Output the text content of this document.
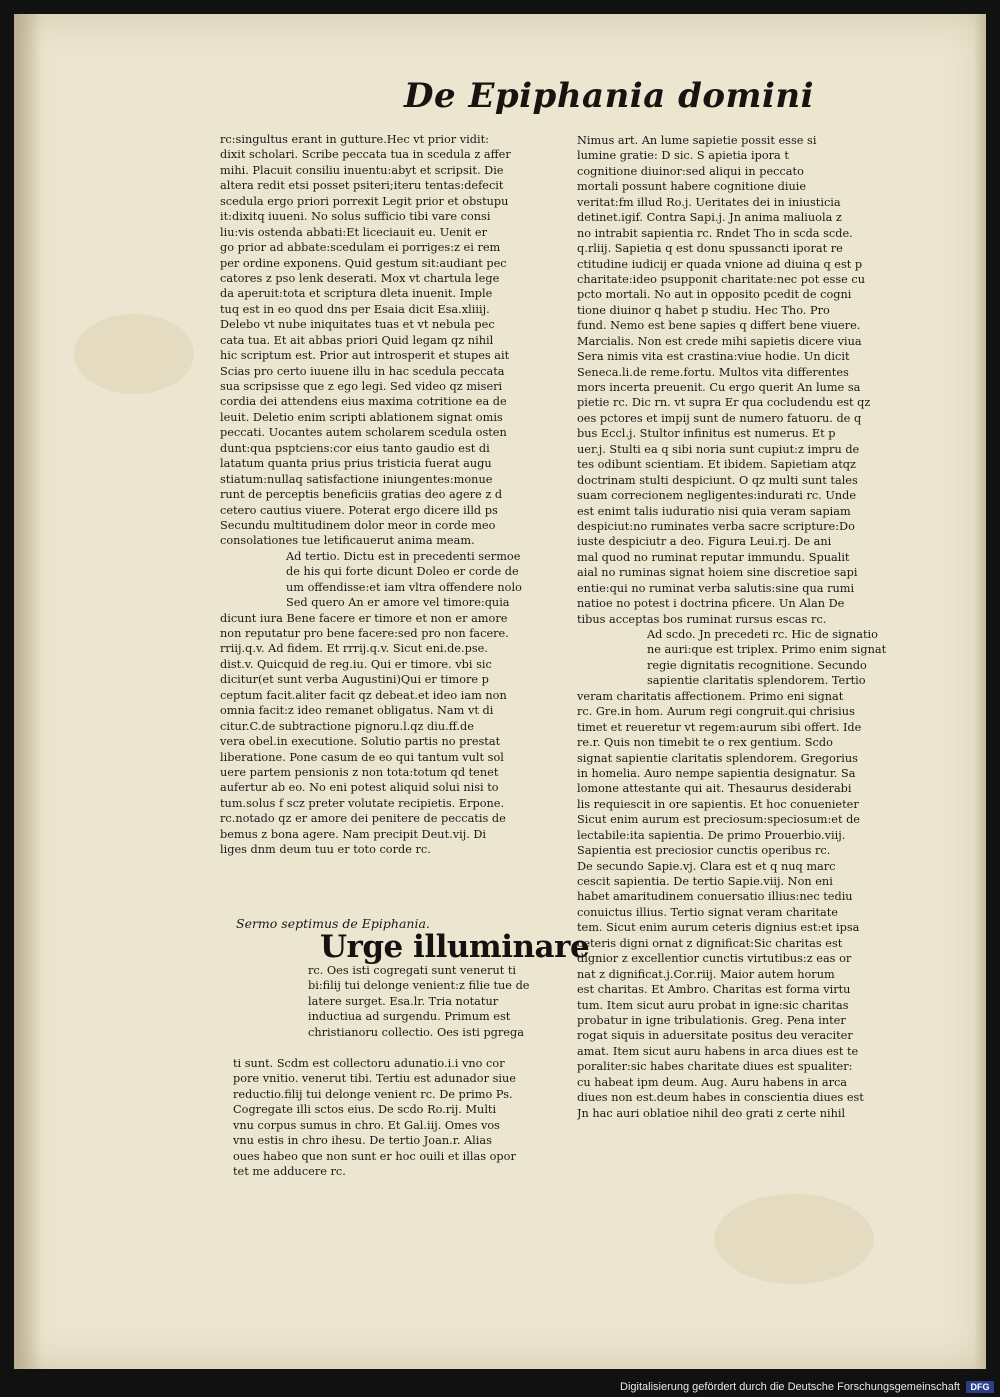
De Epiphania domini
rc:singultus erant in gutture.Hec vt prior vidit:
dixit scholari. Scribe peccata tua in scedula z affer
mihi. Placuit consiliu inuentu:abyt et scripsit. Die
altera redit etsi posset psiteri;iteru tentas:defecit
scedula ergo priori porrexit Legit prior et obstupu
it:dixitq iuueni. No solus sufficio tibi vare consi
liu:vis ostenda abbati:Et liceciauit eu. Uenit er
go prior ad abbate:scedulam ei porriges:z ei rem
per ordine exponens. Quid gestum sit:audiant pec
catores z pso lenk deserati. Mox vt chartula lege
da aperuit:tota et scriptura dleta inuenit. Imple
tuq est in eo quod dns per Esaia dicit Esa.xliiij.
Delebo vt nube iniquitates tuas et vt nebula pec
cata tua. Et ait abbas priori Quid legam qz nihil
hic scriptum est. Prior aut introsperit et stupes ait
Scias pro certo iuuene illu in hac scedula peccata
sua scripsisse que z ego legi. Sed video qz miseri
cordia dei attendens eius maxima cotritione ea de
leuit. Deletio enim scripti ablationem signat omis
peccati. Uocantes autem scholarem scedula osten
dunt:qua psptciens:cor eius tanto gaudio est di
latatum quanta prius prius tristicia fuerat augu
stiatum:nullaq satisfactione iniungentes:monue
runt de perceptis beneficiis gratias deo agere z d
cetero cautius viuere. Poterat ergo dicere illd ps
Secundu multitudinem dolor meor in corde meo
consolationes tue letificauerut anima meam.
Ad tertio. Dictu est in precedenti sermoe
de his qui forte dicunt Doleo er corde de
um offendisse:et iam vltra offendere nolo
Sed quero An er amore vel timore:quia
dicunt iura Bene facere er timore et non er amore
non reputatur pro bene facere:sed pro non facere.
rriij.q.v. Ad fidem. Et rrrij.q.v. Sicut eni.de.pse.
dist.v. Quicquid de reg.iu. Qui er timore. vbi sic
dicitur(et sunt verba Augustini)Qui er timore p
ceptum facit.aliter facit qz debeat.et ideo iam non
omnia facit:z ideo remanet obligatus. Nam vt di
citur.C.de subtractione pignoru.l.qz diu.ff.de
vera obel.in executione. Solutio partis no prestat
liberatione. Pone casum de eo qui tantum vult sol
uere partem pensionis z non tota:totum qd tenet
aufertur ab eo. No eni potest aliquid solui nisi to
tum.solus f scz preter volutate recipietis. Erpone.
rc.notado qz er amore dei penitere de peccatis de
bemus z bona agere. Nam precipit Deut.vij. Di
liges dnm deum tuu er toto corde rc.
Nimus art. An lume sapietie possit esse si
lumine gratie: D sic. S apietia ipora t
cognitione diuinor:sed aliqui in peccato
mortali possunt habere cognitione diuie
veritat:fm illud Ro.j. Ueritates dei in iniusticia
detinet.igif. Contra Sapi.j. Jn anima maliuola z
no intrabit sapientia rc. Rndet Tho in scda scde.
q.rliij. Sapietia q est donu spussancti iporat re
ctitudine iudicij er quada vnione ad diuina q est p
charitate:ideo psupponit charitate:nec pot esse cu
pcto mortali. No aut in opposito pcedit de cogni
tione diuinor q habet p studiu. Hec Tho. Pro
fund. Nemo est bene sapies q differt bene viuere.
Marcialis. Non est crede mihi sapietis dicere viua
Sera nimis vita est crastina:viue hodie. Un dicit
Seneca.li.de reme.fortu. Multos vita differentes
mors incerta preuenit. Cu ergo querit An lume sa
pietie rc. Dic rn. vt supra Er qua cocludendu est qz
oes pctores et impij sunt de numero fatuoru. de q
bus Eccl.j. Stultor infinitus est numerus. Et p
uer.j. Stulti ea q sibi noria sunt cupiut:z impru de
tes odibunt scientiam. Et ibidem. Sapietiam atqz
doctrinam stulti despiciunt. O qz multi sunt tales
suam correcionem negligentes:indurati rc. Unde
est enimt talis iuduratio nisi quia veram sapiam
despiciut:no ruminates verba sacre scripture:Do
iuste despiciutr a deo. Figura Leui.rj. De ani
mal quod no ruminat reputar immundu. Spualit
aial no ruminas signat hoiem sine discretioe sapi
entie:qui no ruminat verba salutis:sine qua rumi
natioe no potest i doctrina pficere. Un Alan De
tibus acceptas bos ruminat rursus escas rc.
Ad scdo. Jn precedeti rc. Hic de signatio
ne auri:que est triplex. Primo enim signat
regie dignitatis recognitione. Secundo
sapientie claritatis splendorem. Tertio
veram charitatis affectionem. Primo eni signat
rc. Gre.in hom. Aurum regi congruit.qui chrisius
timet et reueretur vt regem:aurum sibi offert. Ide
re.r. Quis non timebit te o rex gentium. Scdo
signat sapientie claritatis splendorem. Gregorius
in homelia. Auro nempe sapientia designatur. Sa
lomone attestante qui ait. Thesaurus desiderabi
lis requiescit in ore sapientis. Et hoc conuenieter
Sicut enim aurum est preciosum:speciosum:et de
lectabile:ita sapientia. De primo Prouerbio.viij.
Sapientia est preciosior cunctis operibus rc.
De secundo Sapie.vj. Clara est et q nuq marc
cescit sapientia. De tertio Sapie.viij. Non eni
habet amaritudinem conuersatio illius:nec tediu
conuictus illius. Tertio signat veram charitate
tem. Sicut enim aurum ceteris dignius est:et ipsa
ceteris digni ornat z dignificat:Sic charitas est
dignior z excellentior cunctis virtutibus:z eas or
nat z dignificat.j.Cor.riij. Maior autem horum
est charitas. Et Ambro. Charitas est forma virtu
tum. Item sicut auru probat in igne:sic charitas
probatur in igne tribulationis. Greg. Pena inter
rogat siquis in aduersitate positus deu veraciter
amat. Item sicut auru habens in arca diues est te
poraliter:sic habes charitate diues est spualiter:
cu habeat ipm deum. Aug. Auru habens in arca
diues non est.deum habes in conscientia diues est
Jn hac auri oblatioe nihil deo grati z certe nihil
Sermo septimus de Epiphania.
Urge illuminare
rc. Oes isti cogregati sunt venerut ti
bi:filij tui delonge venient:z filie tue de
latere surget. Esa.lr. Tria notatur
inductiua ad surgendu. Primum est
christianoru collectio. Oes isti pgrega
ti sunt. Scdm est collectoru adunatio.i.i vno cor
pore vnitio. venerut tibi. Tertiu est adunador siue
reductio.filij tui delonge venient rc. De primo Ps.
Cogregate illi sctos eius. De scdo Ro.rij. Multi
vnu corpus sumus in chro. Et Gal.iij. Omes vos
vnu estis in chro ihesu. De tertio Joan.r. Alias
oues habeo que non sunt er hoc ouili et illas opor
tet me adducere rc.
Digitalisierung gefördert durch die Deutsche Forschungsgemeinschaft	DFG
